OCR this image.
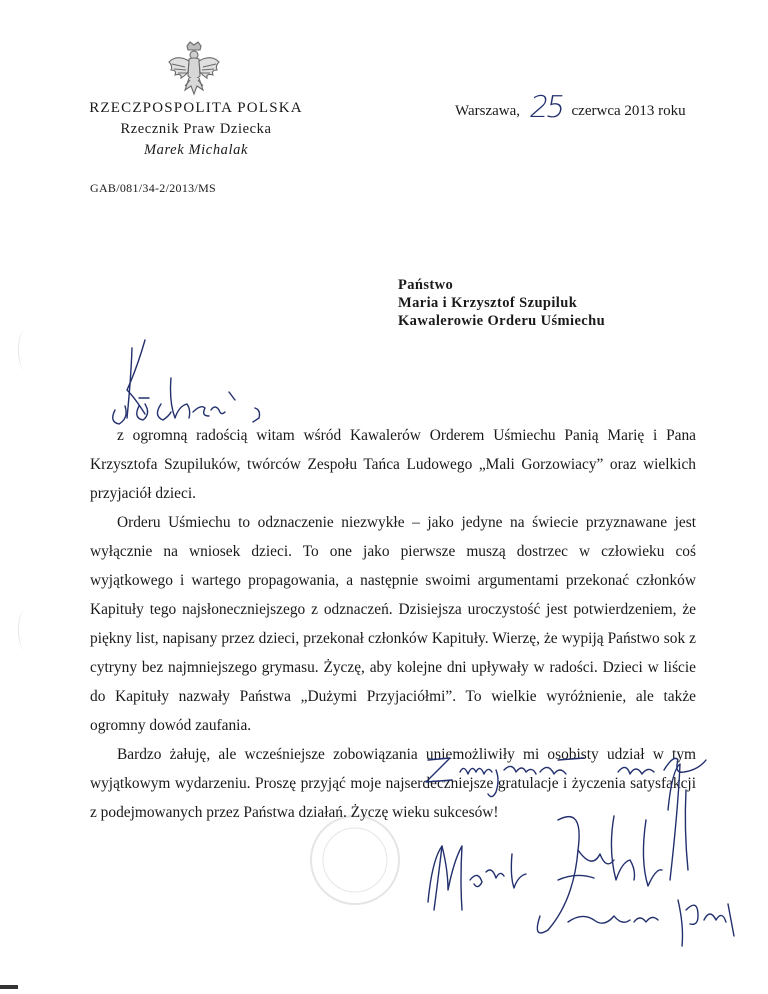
RZECZPOSPOLITA POLSKA
Rzecznik Praw Dziecka
Marek Michalak
GAB/081/34-2/2013/MS
Warszawa, 25 czerwca 2013 roku
Państwo
Maria i Krzysztof Szupiluk
Kawalerowie Orderu Uśmiechu

z ogromną radością witam wśród Kawalerów Orderem Uśmiechu Panią Marię i Pana Krzysztofa Szupiluków, twórców Zespołu Tańca Ludowego „Mali Gorzowiacy” oraz wielkich przyjaciół dzieci.

Orderu Uśmiechu to odznaczenie niezwykłe – jako jedyne na świecie przyznawane jest wyłącznie na wniosek dzieci. To one jako pierwsze muszą dostrzec w człowieku coś wyjątkowego i wartego propagowania, a następnie swoimi argumentami przekonać członków Kapituły tego najsłoneczniejszego z odznaczeń. Dzisiejsza uroczystość jest potwierdzeniem, że piękny list, napisany przez dzieci, przekonał członków Kapituły. Wierzę, że wypiją Państwo sok z cytryny bez najmniejszego grymasu. Życzę, aby kolejne dni upływały w radości. Dzieci w liście do Kapituły nazwały Państwa „Dużymi Przyjaciółmi”. To wielkie wyróżnienie, ale także ogromny dowód zaufania.

Bardzo żałuję, ale wcześniejsze zobowiązania uniemożliwiły mi osobisty udział w tym wyjątkowym wydarzeniu. Proszę przyjąć moje najserdeczniejsze gratulacje i życzenia satysfakcji z podejmowanych przez Państwa działań. Życzę wieku sukcesów!
